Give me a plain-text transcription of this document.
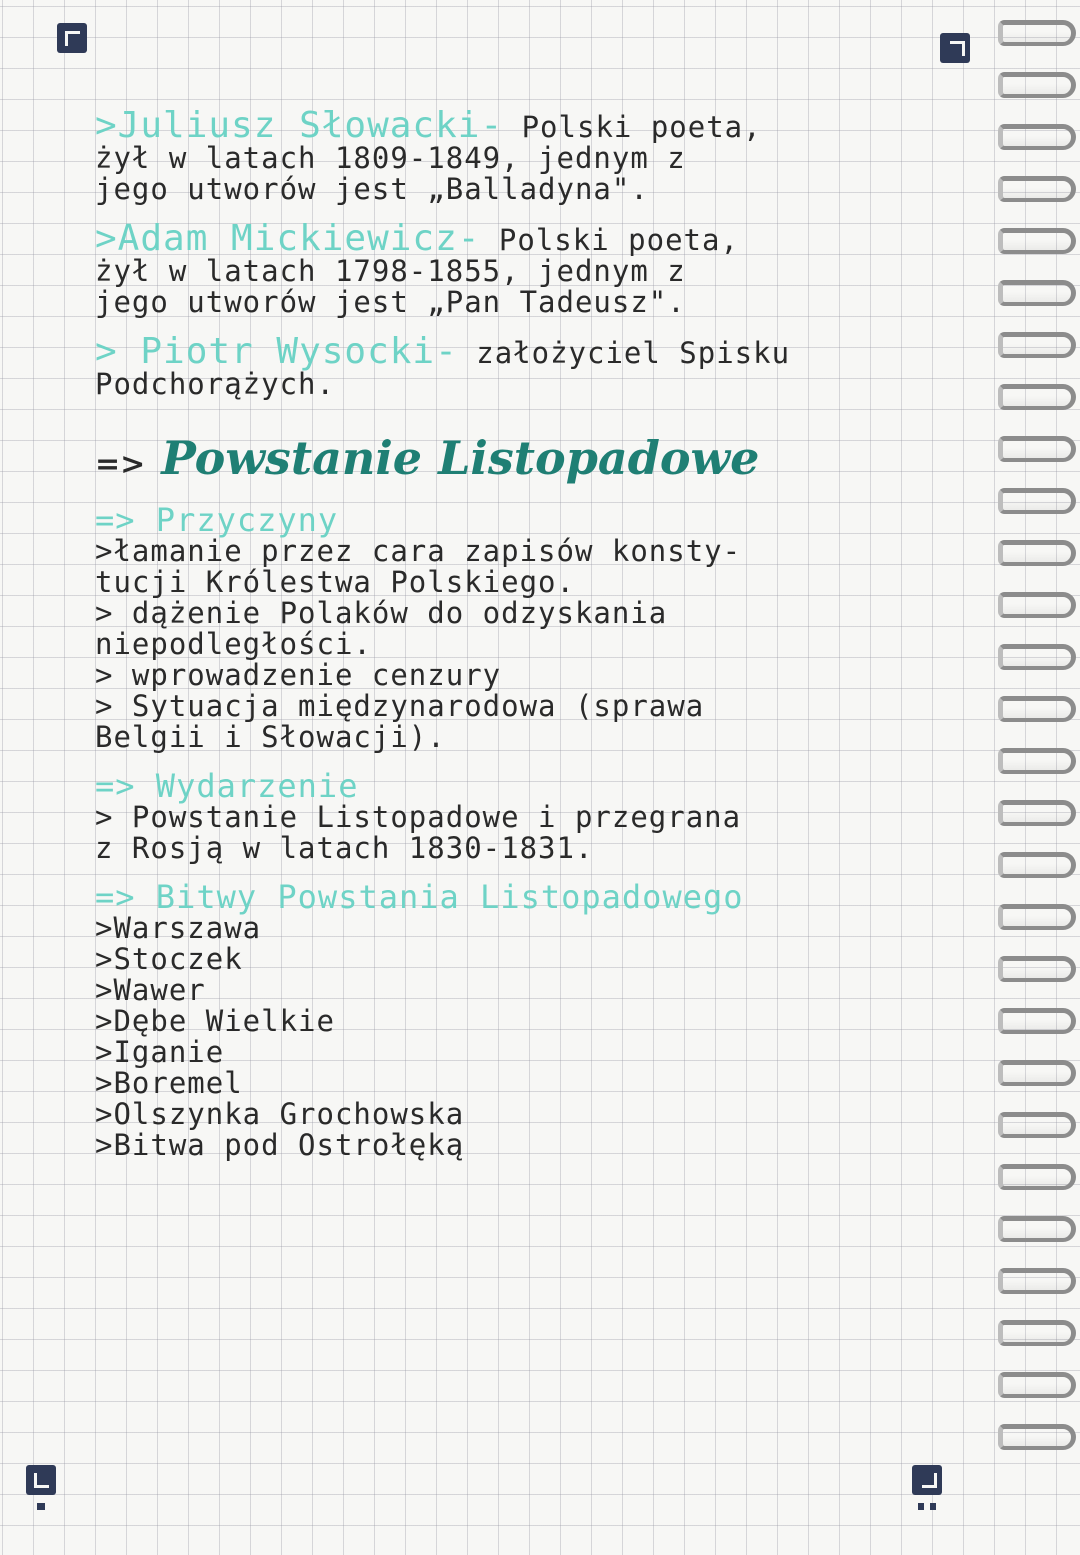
>Juliusz Słowacki- Polski poeta,
żył w latach 1809-1849, jednym z
jego utworów jest „Balladyna".
>Adam Mickiewicz- Polski poeta,
żył w latach 1798-1855, jednym z
jego utworów jest „Pan Tadeusz".
> Piotr Wysocki- założyciel Spisku
Podchorążych.
=> Powstanie Listopadowe
=> Przyczyny
>łamanie przez cara zapisów konsty-
tucji Królestwa Polskiego.
> dążenie Polaków do odzyskania
niepodległości.
> wprowadzenie cenzury
> Sytuacja międzynarodowa (sprawa
Belgii i Słowacji).
=> Wydarzenie
> Powstanie Listopadowe i przegrana
z Rosją w latach 1830-1831.
=> Bitwy Powstania Listopadowego
>Warszawa
>Stoczek
>Wawer
>Dębe Wielkie
>Iganie
>Boremel
>Olszynka Grochowska
>Bitwa pod Ostrołęką
